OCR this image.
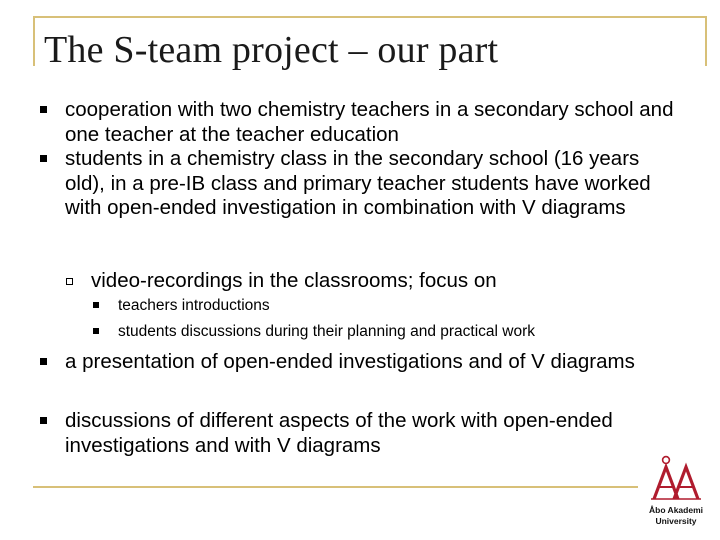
The S-team project – our part
cooperation with two chemistry teachers in a secondary school and one teacher at the teacher education
students in a chemistry class in the secondary school (16 years old), in a pre-IB class and primary teacher students have worked with open-ended investigation in combination with V diagrams
video-recordings in the classrooms; focus on
teachers introductions
students discussions during their planning and practical work
a presentation of open-ended investigations and of V diagrams
discussions of different aspects of the work with open-ended investigations and with V diagrams
Åbo Akademi
University
